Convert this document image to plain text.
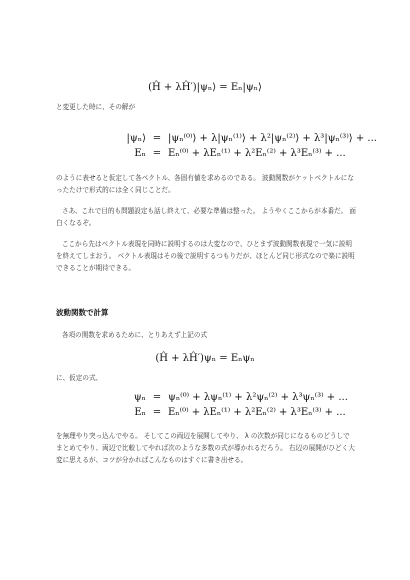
(Ĥ + λĤ′)|ψₙ⟩ = Eₙ|ψₙ⟩
と変更した時に、その解が
|ψₙ⟩ = |ψₙ⁽⁰⁾⟩ + λ|ψₙ⁽¹⁾⟩ + λ²|ψₙ⁽²⁾⟩ + λ³|ψₙ⁽³⁾⟩ + ...
Eₙ = Eₙ⁽⁰⁾ + λEₙ⁽¹⁾ + λ²Eₙ⁽²⁾ + λ³Eₙ⁽³⁾ + ...
のように表せると仮定して各ベクトル、各固有値を求めるのである。 波動関数がケットベクトルになったたけで形式的には全く同じことだ。
さあ、これで目的も問題設定も話し終えて、必要な準備は整った。 ようやくここからが本番だ。 面白くなるぞ。
ここから先はベクトル表現を同時に説明するのは大変なので、ひとまず波動関数表現で一気に説明を終えてしまおう。 ベクトル表現はその後で説明するつもりだが、ほとんど同じ形式なので楽に説明できることが期待できる。
波動関数で計算
各項の関数を求めるために、とりあえず上記の式
(Ĥ + λĤ′)ψₙ = Eₙψₙ
に、仮定の式、
ψₙ = ψₙ⁽⁰⁾ + λψₙ⁽¹⁾ + λ²ψₙ⁽²⁾ + λ³ψₙ⁽³⁾ + ...
Eₙ = Eₙ⁽⁰⁾ + λEₙ⁽¹⁾ + λ²Eₙ⁽²⁾ + λ³Eₙ⁽³⁾ + ...
を無理やり突っ込んでやる。 そしてこの両辺を展開してやり、 λ の次数が同じになるものどうしでまとめてやり、両辺で比較してやれば次のような多数の式が導かれるだろう。 右辺の展開がひどく大変に思えるが、コツが分かればこんなものはすぐに書き出せる。
